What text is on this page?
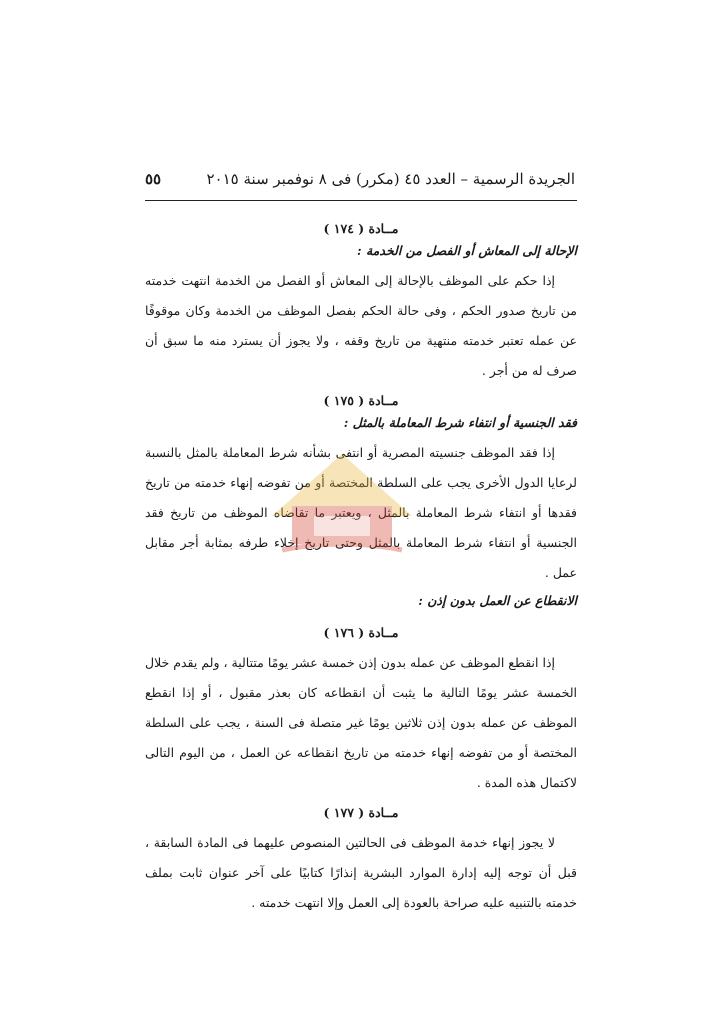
٥٥	الجريدة الرسمية – العدد ٤٥ (مكرر) فى ٨ نوفمبر سنة ٢٠١٥
مــادة ( ١٧٤ )
الإحالة إلى المعاش أو الفصل من الخدمة :
إذا حكم على الموظف بالإحالة إلى المعاش أو الفصل من الخدمة انتهت خدمته من تاريخ صدور الحكم ، وفى حالة الحكم بفصل الموظف من الخدمة وكان موقوفًا عن عمله تعتبر خدمته منتهية من تاريخ وقفه ، ولا يجوز أن يسترد منه ما سبق أن صرف له من أجر .
مــادة ( ١٧٥ )
فقد الجنسية أو انتفاء شرط المعاملة بالمثل :
إذا فقد الموظف جنسيته المصرية أو انتفى بشأنه شرط المعاملة بالمثل بالنسبة لرعايا الدول الأخرى يجب على السلطة المختصة أو من تفوضه إنهاء خدمته من تاريخ فقدها أو انتفاء شرط المعاملة بالمثل ، ويعتبر ما تقاضاه الموظف من تاريخ فقد الجنسية أو انتفاء شرط المعاملة بالمثل وحتى تاريخ إخلاء طرفه بمثابة أجر مقابل عمل .
الانقطاع عن العمل بدون إذن :
مــادة ( ١٧٦ )
إذا انقطع الموظف عن عمله بدون إذن خمسة عشر يومًا متتالية ، ولم يقدم خلال الخمسة عشر يومًا التالية ما يثبت أن انقطاعه كان بعذر مقبول ، أو إذا انقطع الموظف عن عمله بدون إذن ثلاثين يومًا غير متصلة فى السنة ، يجب على السلطة المختصة أو من تفوضه إنهاء خدمته من تاريخ انقطاعه عن العمل ، من اليوم التالى لاكتمال هذه المدة .
مــادة ( ١٧٧ )
لا يجوز إنهاء خدمة الموظف فى الحالتين المنصوص عليهما فى المادة السابقة ، قبل أن توجه إليه إدارة الموارد البشرية إنذارًا كتابيًا على آخر عنوان ثابت بملف خدمته بالتنبيه عليه صراحة بالعودة إلى العمل وإلا انتهت خدمته .
